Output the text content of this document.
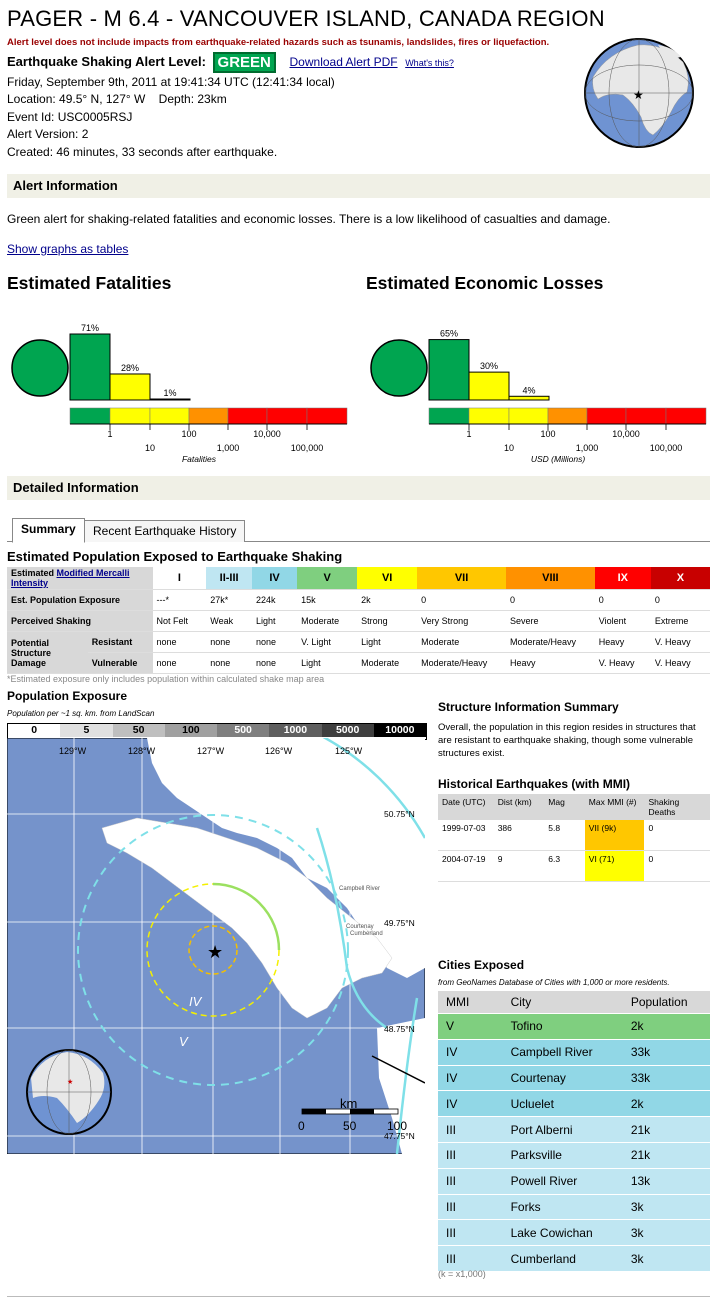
PAGER - M 6.4 - VANCOUVER ISLAND, CANADA REGION
Alert level does not include impacts from earthquake-related hazards such as tsunamis, landslides, fires or liquefaction.
Earthquake Shaking Alert Level: GREEN Download Alert PDF What's this?
Friday, September 9th, 2011 at 19:41:34 UTC (12:41:34 local)
Location: 49.5° N, 127° W    Depth: 23km
Event Id: USC0005RSJ
Alert Version: 2
Created: 46 minutes, 33 seconds after earthquake.
★
Alert Information
Green alert for shaking-related fatalities and economic losses. There is a low likelihood of casualties and damage.
Show graphs as tables
Estimated Fatalities	Estimated Economic Losses
71%
28%
1%
1	100	10,000
10	1,000	100,000
Fatalities
65%
30%
4%
1	100	10,000
10	1,000	100,000
USD (Millions)
Detailed Information
Summary	Recent Earthquake History
Estimated Population Exposed to Earthquake Shaking
Estimated Modified Mercalli Intensity		I	II-III	IV	V	VI	VII	VIII	IX	X
Est. Population Exposure		---*	27k*	224k	15k	2k	0	0	0	0
Perceived Shaking		Not Felt	Weak	Light	Moderate	Strong	Very Strong	Severe	Violent	Extreme
Potential Structure Damage	Resistant	none	none	none	V. Light	Light	Moderate	Moderate/Heavy	Heavy	V. Heavy
	Vulnerable	none	none	none	Light	Moderate	Moderate/Heavy	Heavy	V. Heavy	V. Heavy
*Estimated exposure only includes population within calculated shake map area
Population Exposure
Population per ~1 sq. km. from LandScan
0	5	50	100	500	1000	5000	10000
★
IV
V
129°W	128°W	127°W	126°W	125°W
50.75°N
49.75°N
48.75°N
47.75°N
Campbell River
Courtenay
Cumberland
km
0	50	100
★
Structure Information Summary
Overall, the population in this region resides in structures that are resistant to earthquake shaking, though some vulnerable structures exist.
Historical Earthquakes (with MMI)
Date (UTC)	Dist (km)	Mag	Max MMI (#)	Shaking Deaths
1999-07-03	386	5.8	VII (9k)	0
2004-07-19	9	6.3	VI (71)	0
Cities Exposed
from GeoNames Database of Cities with 1,000 or more residents.
MMI	City	Population
V	Tofino	2k
IV	Campbell River	33k
IV	Courtenay	33k
IV	Ucluelet	2k
III	Port Alberni	21k
III	Parksville	21k
III	Powell River	13k
III	Forks	3k
III	Lake Cowichan	3k
III	Cumberland	3k
(k = x1,000)
